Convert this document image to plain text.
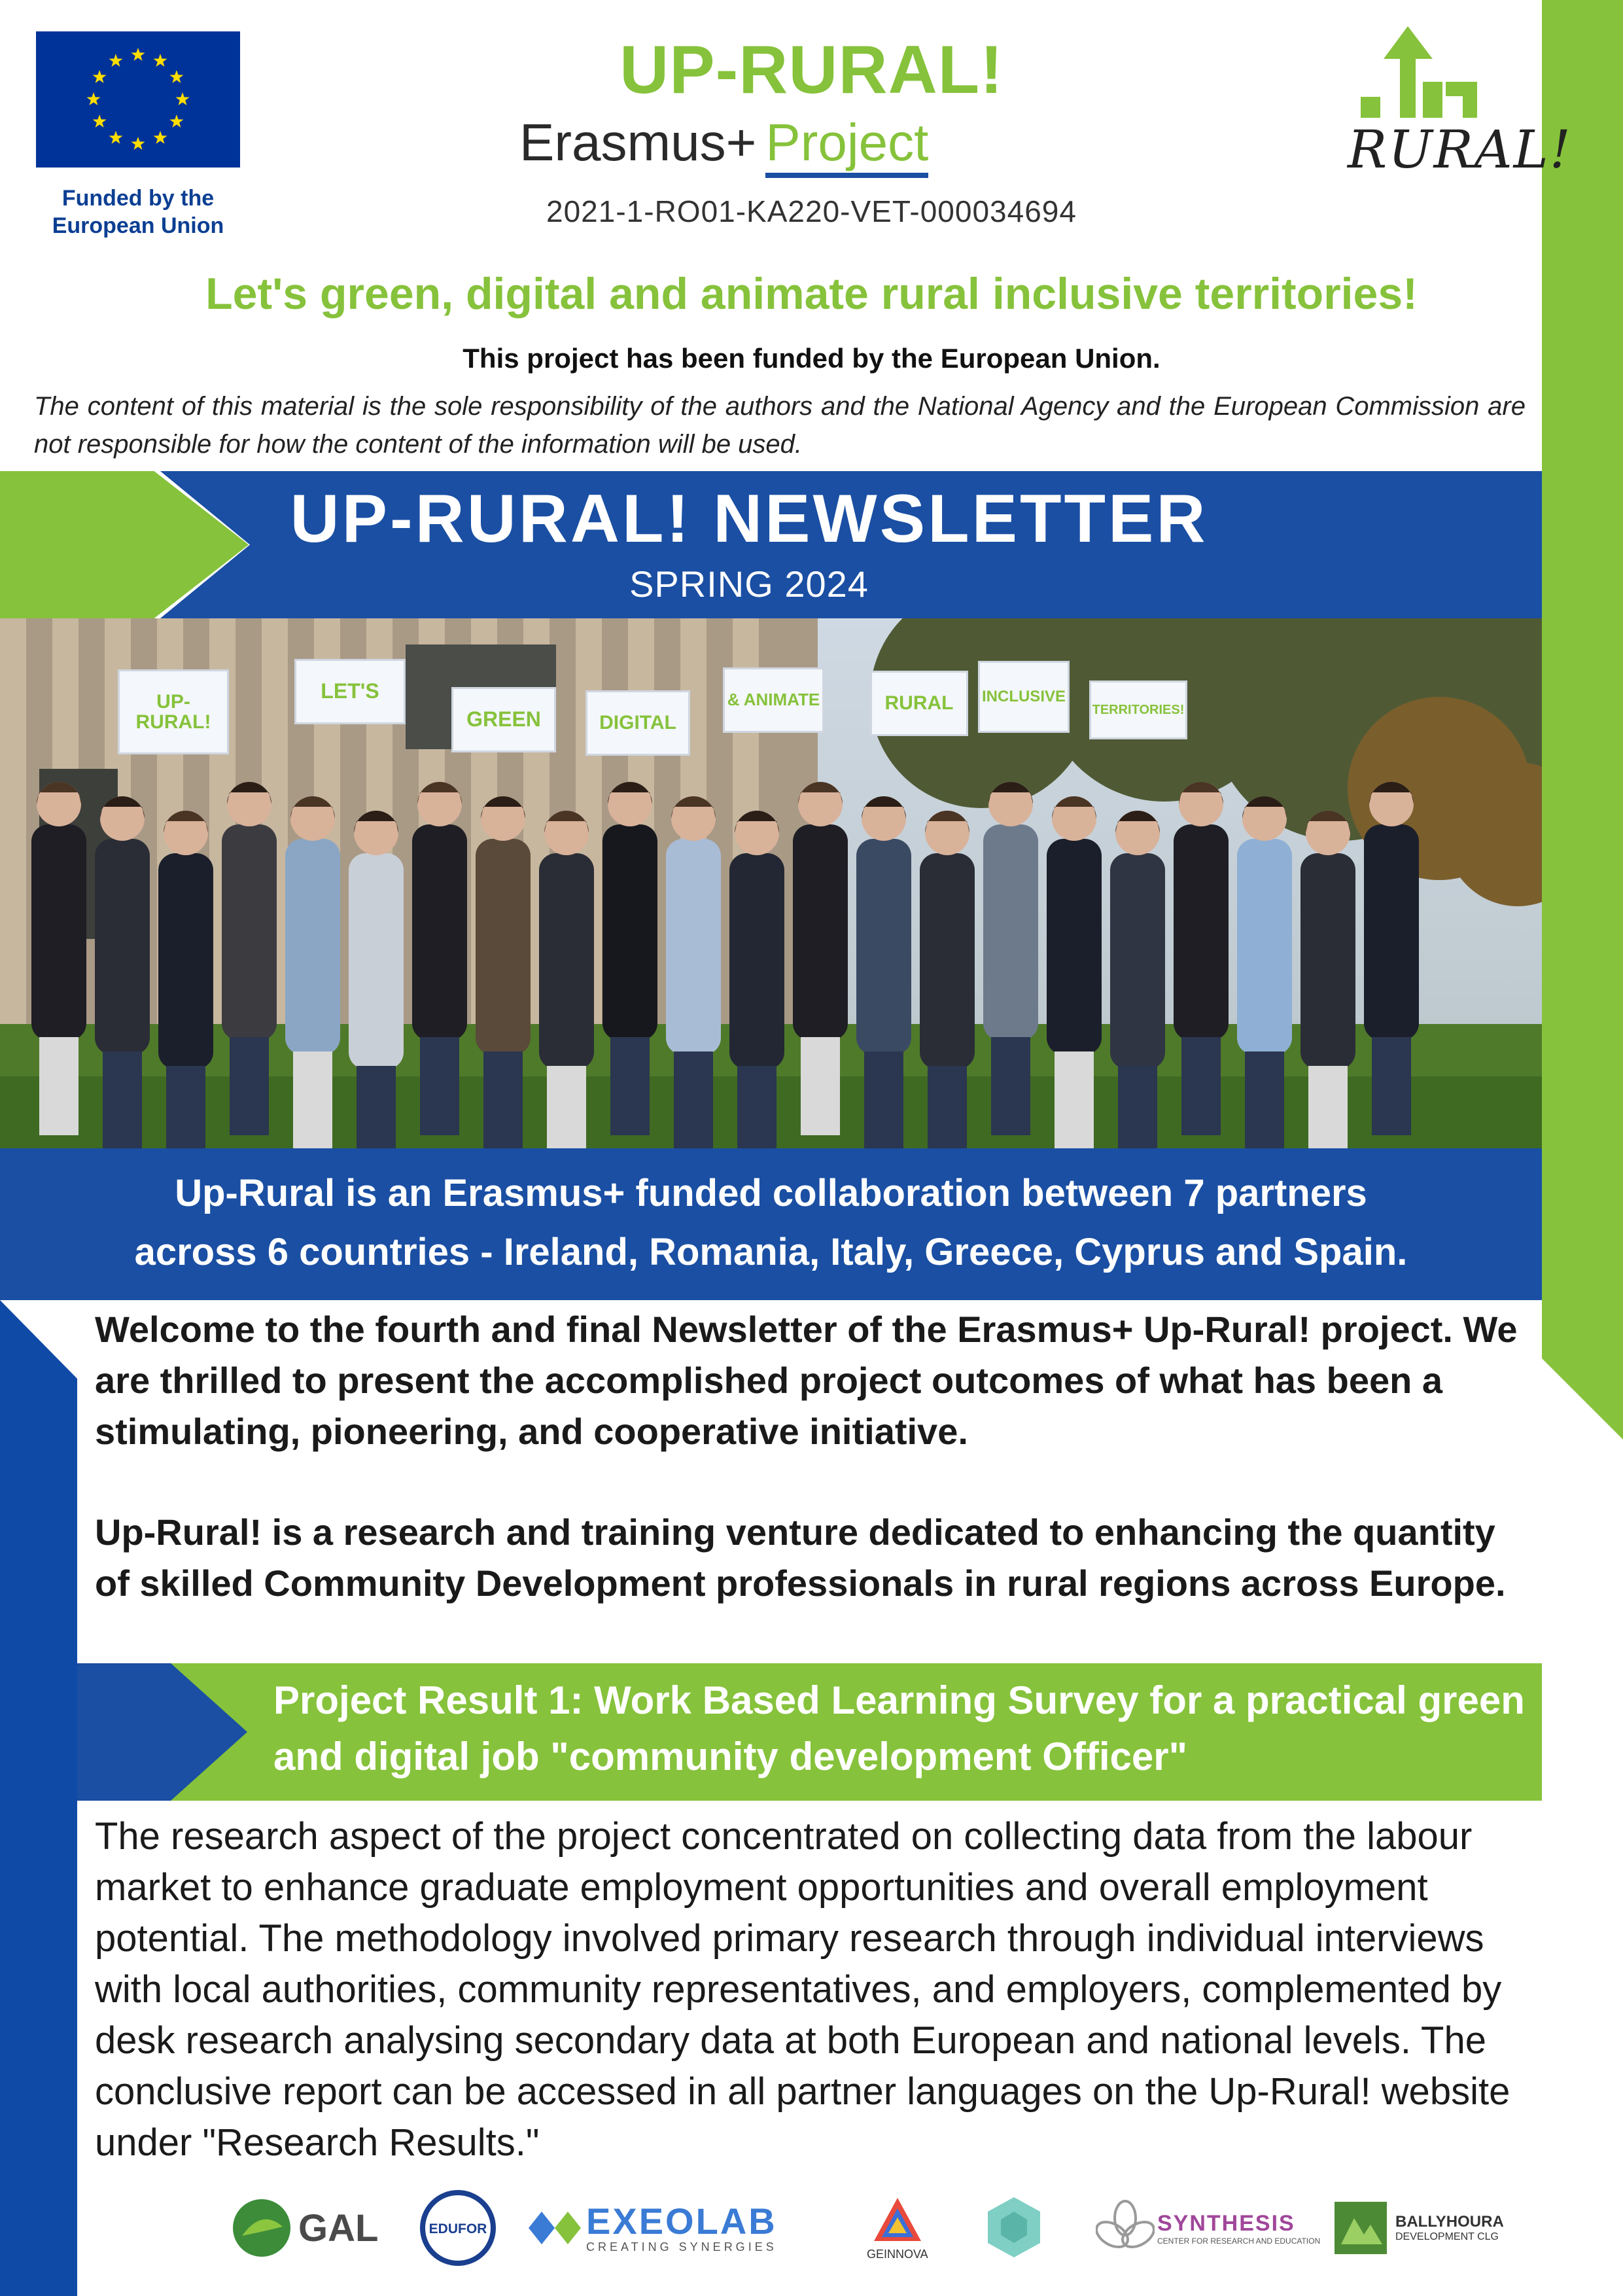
Funded by the
European Union
UP-RURAL!
Erasmus+ Project
2021-1-RO01-KA220-VET-000034694
RURAL!
Let's green, digital and animate rural inclusive territories!
This project has been funded by the European Union.
The content of this material is the sole responsibility of the authors and the National Agency and the European Commission are not responsible for how the content of the information will be used.
UP-RURAL! NEWSLETTER
SPRING 2024
UP-RURAL!
LET'S
GREEN	DIGITAL
& ANIMATE	RURAL	INCLUSIVE
TERRITORIES!
Up-Rural is an Erasmus+ funded collaboration between 7 partners
across 6 countries - Ireland, Romania, Italy, Greece, Cyprus and Spain.

Welcome to the fourth and final Newsletter of the Erasmus+ Up-Rural! project. We are thrilled to present the accomplished project outcomes of what has been a stimulating, pioneering, and cooperative initiative.

Up-Rural! is a research and training venture dedicated to enhancing the quantity of skilled Community Development professionals in rural regions across Europe.

Project Result 1: Work Based Learning Survey for a practical green and digital job "community development Officer"
The research aspect of the project concentrated on collecting data from the labour market to enhance graduate employment opportunities and overall employment potential. The methodology involved primary research through individual interviews with local authorities, community representatives, and employers, complemented by desk research analysing secondary data at both European and national levels. The conclusive report can be accessed in all partner languages on the Up-Rural! website under "Research Results."
GAL	EDUFOR	EXEOLAB
CREATING SYNERGIES
GEINNOVA
SYNTHESIS
CENTER FOR RESEARCH AND EDUCATION
BALLYHOURA
DEVELOPMENT CLG
